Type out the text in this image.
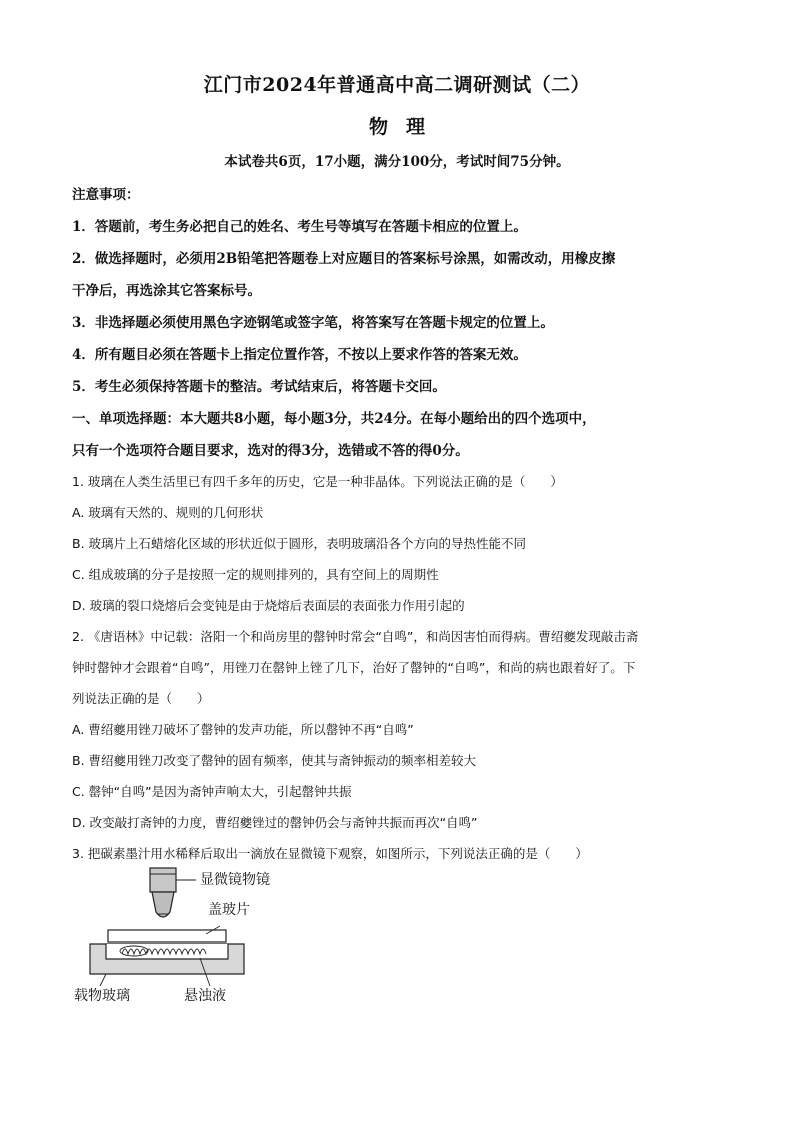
江门市2024年普通高中高二调研测试（二）
物理
本试卷共6页，17小题，满分100分，考试时间75分钟。
注意事项：
1．答题前，考生务必把自己的姓名、考生号等填写在答题卡相应的位置上。
2．做选择题时，必须用2B铅笔把答题卷上对应题目的答案标号涂黑，如需改动，用橡皮擦
干净后，再选涂其它答案标号。
3．非选择题必须使用黑色字迹钢笔或签字笔，将答案写在答题卡规定的位置上。
4．所有题目必须在答题卡上指定位置作答，不按以上要求作答的答案无效。
5．考生必须保持答题卡的整洁。考试结束后，将答题卡交回。
一、单项选择题：本大题共8小题，每小题3分，共24分。在每小题给出的四个选项中，
只有一个选项符合题目要求，选对的得3分，选错或不答的得0分。
1. 玻璃在人类生活里已有四千多年的历史，它是一种非晶体。下列说法正确的是（　　）
A. 玻璃有天然的、规则的几何形状
B. 玻璃片上石蜡熔化区域的形状近似于圆形，表明玻璃沿各个方向的导热性能不同
C. 组成玻璃的分子是按照一定的规则排列的，具有空间上的周期性
D. 玻璃的裂口烧熔后会变钝是由于烧熔后表面层的表面张力作用引起的
2. 《唐语林》中记载：洛阳一个和尚房里的罄钟时常会“自鸣”，和尚因害怕而得病。曹绍夔发现敲击斋
钟时罄钟才会跟着“自鸣”，用锉刀在罄钟上锉了几下，治好了罄钟的“自鸣”，和尚的病也跟着好了。下
列说法正确的是（　　）
A. 曹绍夔用锉刀破坏了罄钟的发声功能，所以罄钟不再“自鸣”
B. 曹绍夔用锉刀改变了罄钟的固有频率，使其与斋钟振动的频率相差较大
C. 罄钟“自鸣”是因为斋钟声响太大，引起罄钟共振
D. 改变敲打斋钟的力度，曹绍夔锉过的罄钟仍会与斋钟共振而再次“自鸣”
3. 把碳素墨汁用水稀释后取出一滴放在显微镜下观察，如图所示，下列说法正确的是（　　）
显微镜物镜
盖玻片
载物玻璃	悬浊液
